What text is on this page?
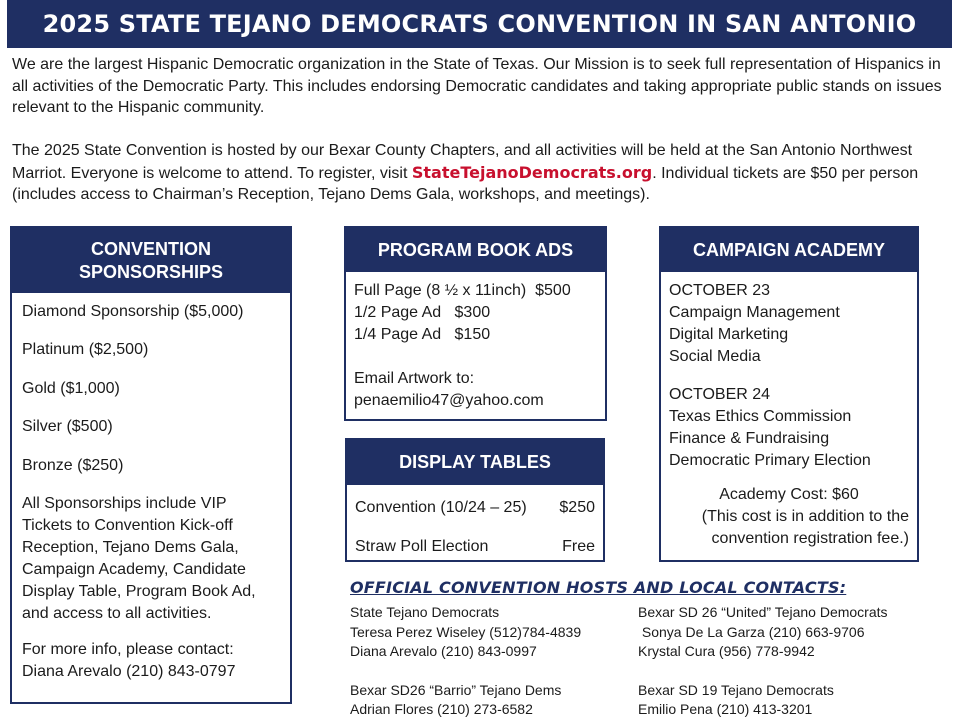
2025 STATE TEJANO DEMOCRATS CONVENTION IN SAN ANTONIO

We are the largest Hispanic Democratic organization in the State of Texas. Our Mission is to seek full representation of Hispanics in all activities of the Democratic Party. This includes endorsing Democratic candidates and taking appropriate public stands on issues relevant to the Hispanic community.

The 2025 State Convention is hosted by our Bexar County Chapters, and all activities will be held at the San Antonio Northwest Marriot. Everyone is welcome to attend. To register, visit StateTejanoDemocrats.org. Individual tickets are $50 per person (includes access to Chairman’s Reception, Tejano Dems Gala, workshops, and meetings).

CONVENTION
SPONSORSHIPS
Diamond Sponsorship ($5,000)
Platinum ($2,500)
Gold ($1,000)
Silver ($500)
Bronze ($250)

All Sponsorships include VIP Tickets to Convention Kick-off Reception, Tejano Dems Gala, Campaign Academy, Candidate Display Table, Program Book Ad, and access to all activities.

For more info, please contact:

Diana Arevalo (210) 843-0797

PROGRAM BOOK ADS

Full Page (8 ½ x 11inch)  $500

1/2 Page Ad   $300

1/4 Page Ad   $150

Email Artwork to:

penaemilio47@yahoo.com

DISPLAY TABLES
Convention (10/24 – 25) $250
Straw Poll Election	Free
CAMPAIGN ACADEMY

OCTOBER 23

Campaign Management

Digital Marketing

Social Media

OCTOBER 24

Texas Ethics Commission

Finance & Fundraising

Democratic Primary Election

Academy Cost: $60

(This cost is in addition to the

convention registration fee.)

OFFICIAL CONVENTION HOSTS AND LOCAL CONTACTS:

State Tejano Democrats

Teresa Perez Wiseley (512)784-4839

Diana Arevalo (210) 843-0997

Bexar SD26 “Barrio” Tejano Dems

Adrian Flores (210) 273-6582

Bexar SD 26 “United” Tejano Democrats

Sonya De La Garza (210) 663-9706

Krystal Cura (956) 778-9942

Bexar SD 19 Tejano Democrats

Emilio Pena (210) 413-3201
